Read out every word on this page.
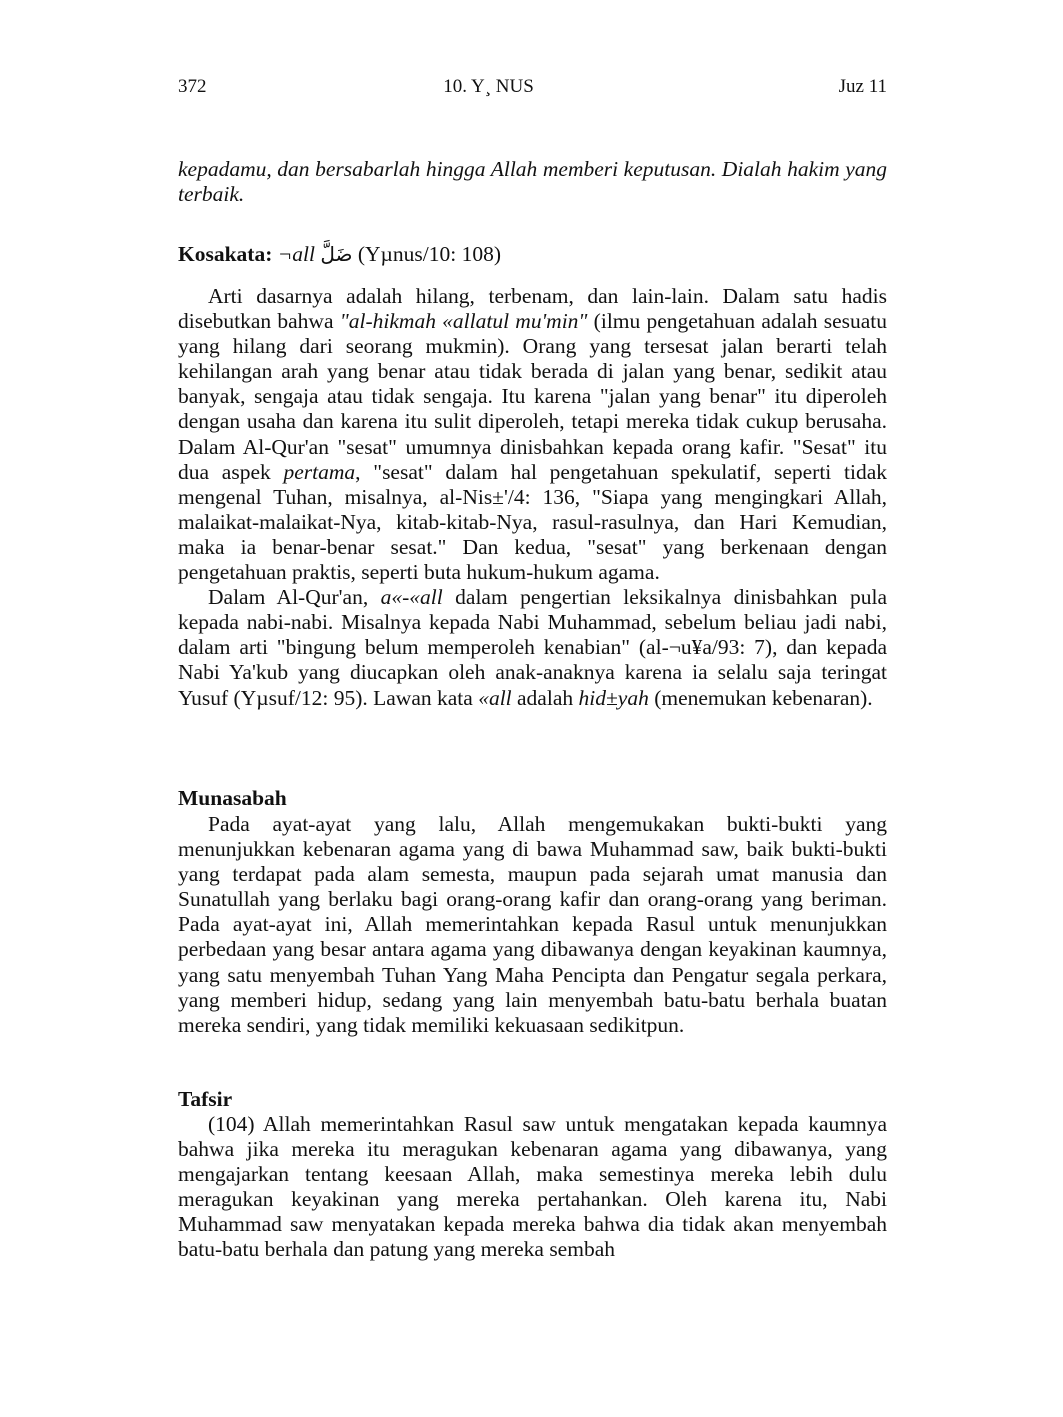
372	10. Y¸ NUS	Juz 11

kepadamu, dan bersabarlah hingga Allah memberi keputusan. Dialah hakim yang terbaik.

Kosakata: ¬all ضَلَّ (Yµnus/10: 108)

Arti dasarnya adalah hilang, terbenam, dan lain-lain. Dalam satu hadis disebutkan bahwa "al-hikmah «allatul mu'min" (ilmu pengetahuan adalah sesuatu yang hilang dari seorang mukmin). Orang yang tersesat jalan berarti telah kehilangan arah yang benar atau tidak berada di jalan yang benar, sedikit atau banyak, sengaja atau tidak sengaja. Itu karena "jalan yang benar" itu diperoleh dengan usaha dan karena itu sulit diperoleh, tetapi mereka tidak cukup berusaha. Dalam Al-Qur'an "sesat" umumnya dinisbahkan kepada orang kafir. "Sesat" itu dua aspek pertama, "sesat" dalam hal pengetahuan spekulatif, seperti tidak mengenal Tuhan, misalnya, al-Nis±'/4: 136, "Siapa yang mengingkari Allah, malaikat-malaikat-Nya, kitab-kitab-Nya, rasul-rasulnya, dan Hari Kemudian, maka ia benar-benar sesat." Dan kedua, "sesat" yang berkenaan dengan pengetahuan praktis, seperti buta hukum-hukum agama.

Dalam Al-Qur'an, a«-«all dalam pengertian leksikalnya dinisbahkan pula kepada nabi-nabi. Misalnya kepada Nabi Muhammad, sebelum beliau jadi nabi, dalam arti "bingung belum memperoleh kenabian" (al-¬u¥a/93: 7), dan kepada Nabi Ya'kub yang diucapkan oleh anak-anaknya karena ia selalu saja teringat Yusuf (Yµsuf/12: 95). Lawan kata «all adalah hid±yah (menemukan kebenaran).

Munasabah

Pada ayat-ayat yang lalu, Allah mengemukakan bukti-bukti yang menunjukkan kebenaran agama yang di bawa Muhammad saw, baik bukti-bukti yang terdapat pada alam semesta, maupun pada sejarah umat manusia dan Sunatullah yang berlaku bagi orang-orang kafir dan orang-orang yang beriman. Pada ayat-ayat ini, Allah memerintahkan kepada Rasul untuk menunjukkan perbedaan yang besar antara agama yang dibawanya dengan keyakinan kaumnya, yang satu menyembah Tuhan Yang Maha Pencipta dan Pengatur segala perkara, yang memberi hidup, sedang yang lain menyembah batu-batu berhala buatan mereka sendiri, yang tidak memiliki kekuasaan sedikitpun.

Tafsir

(104) Allah memerintahkan Rasul saw untuk mengatakan kepada kaumnya bahwa jika mereka itu meragukan kebenaran agama yang dibawanya, yang mengajarkan tentang keesaan Allah, maka semestinya mereka lebih dulu meragukan keyakinan yang mereka pertahankan. Oleh karena itu, Nabi Muhammad saw menyatakan kepada mereka bahwa dia tidak akan menyembah batu-batu berhala dan patung yang mereka sembah
